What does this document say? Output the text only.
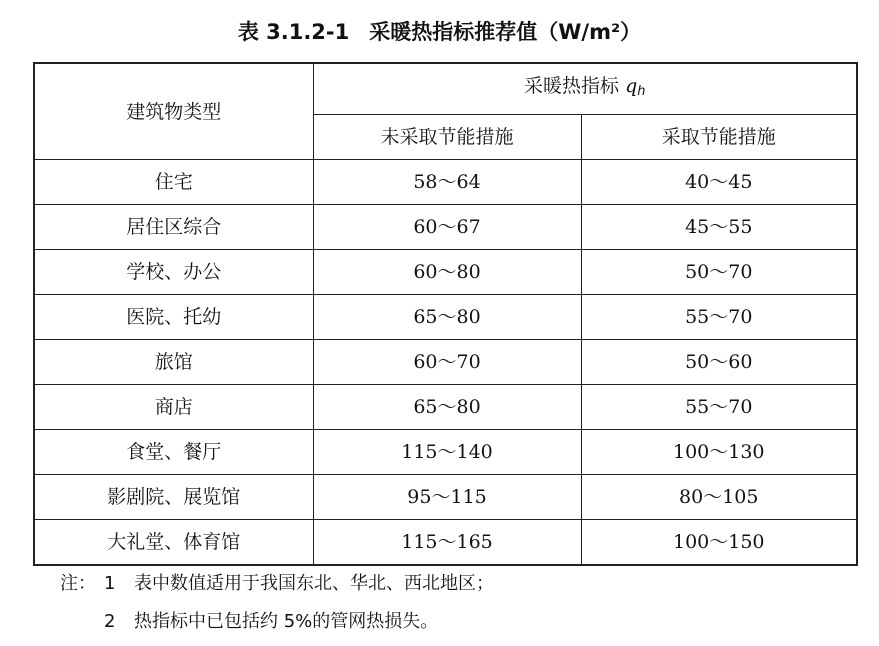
表 3.1.2-1 采暖热指标推荐值（W/m²）
建筑物类型	采暖热指标 qh	
	未采取节能措施	采取节能措施
住宅	58～64	40～45
居住区综合	60～67	45～55
学校、办公	60～80	50～70
医院、托幼	65～80	55～70
旅馆	60～70	50～60
商店	65～80	55～70
食堂、餐厅	115～140	100～130
影剧院、展览馆	95～115	80～105
大礼堂、体育馆	115～165	100～150
注： 1	表中数值适用于我国东北、华北、西北地区；
2	热指标中已包括约 5%的管网热损失。
